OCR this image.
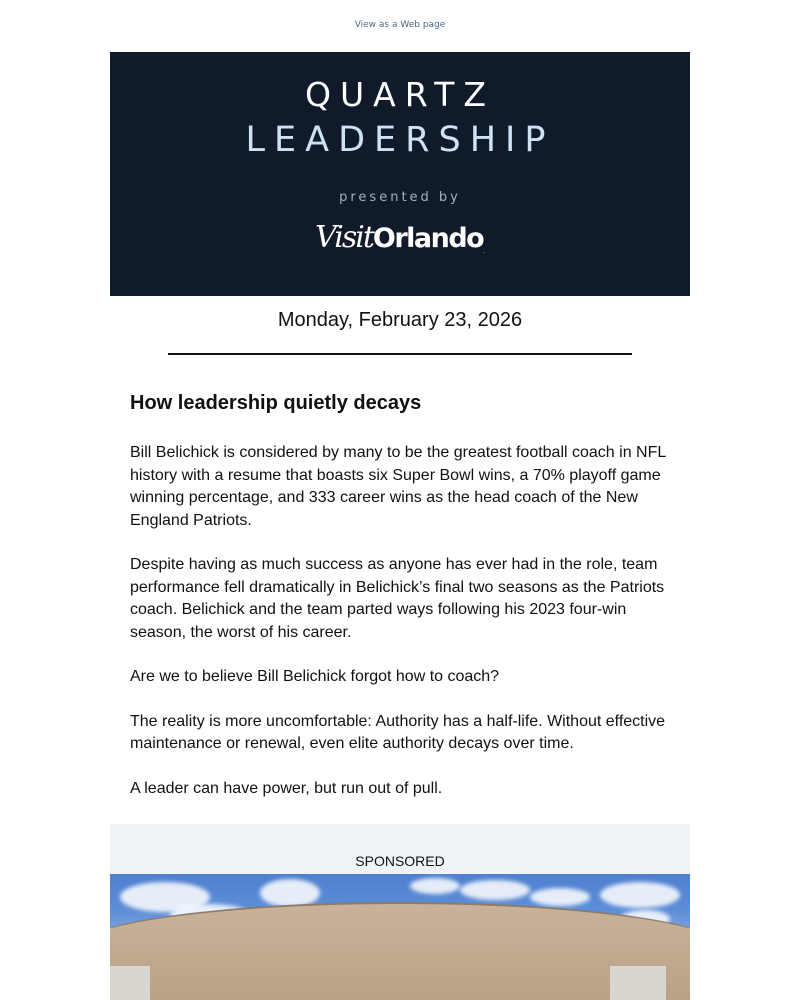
View as a Web page
QUARTZ
LEADERSHIP
presented by
VisitOrlando.
Monday, February 23, 2026
How leadership quietly decays

Bill Belichick is considered by many to be the greatest football coach in NFL history with a resume that boasts six Super Bowl wins, a 70% playoff game winning percentage, and 333 career wins as the head coach of the New England Patriots.

Despite having as much success as anyone has ever had in the role, team performance fell dramatically in Belichick’s final two seasons as the Patriots coach. Belichick and the team parted ways following his 2023 four-win season, the worst of his career.

Are we to believe Bill Belichick forgot how to coach?

The reality is more uncomfortable: Authority has a half-life. Without effective maintenance or renewal, even elite authority decays over time.

A leader can have power, but run out of pull.

SPONSORED
